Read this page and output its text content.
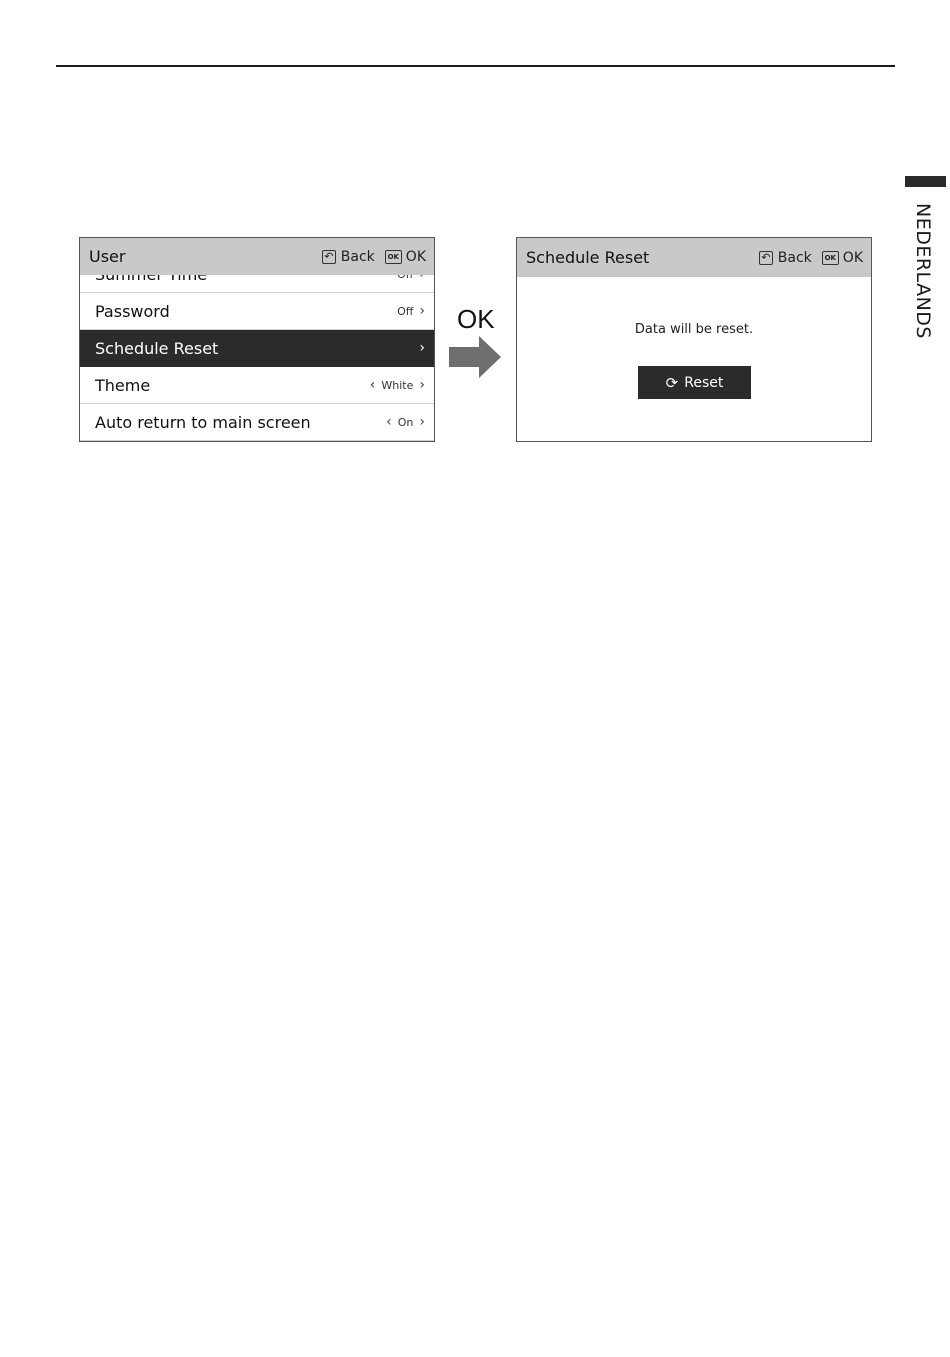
NEDERLANDS
Password	Off ›
Schedule Reset	›
Theme	‹ White ›
Auto return to main screen	‹ On ›
User	↶ Back	OK OK
OK
Schedule Reset	↶ Back	OK OK
Data will be reset.
⟳ Reset
